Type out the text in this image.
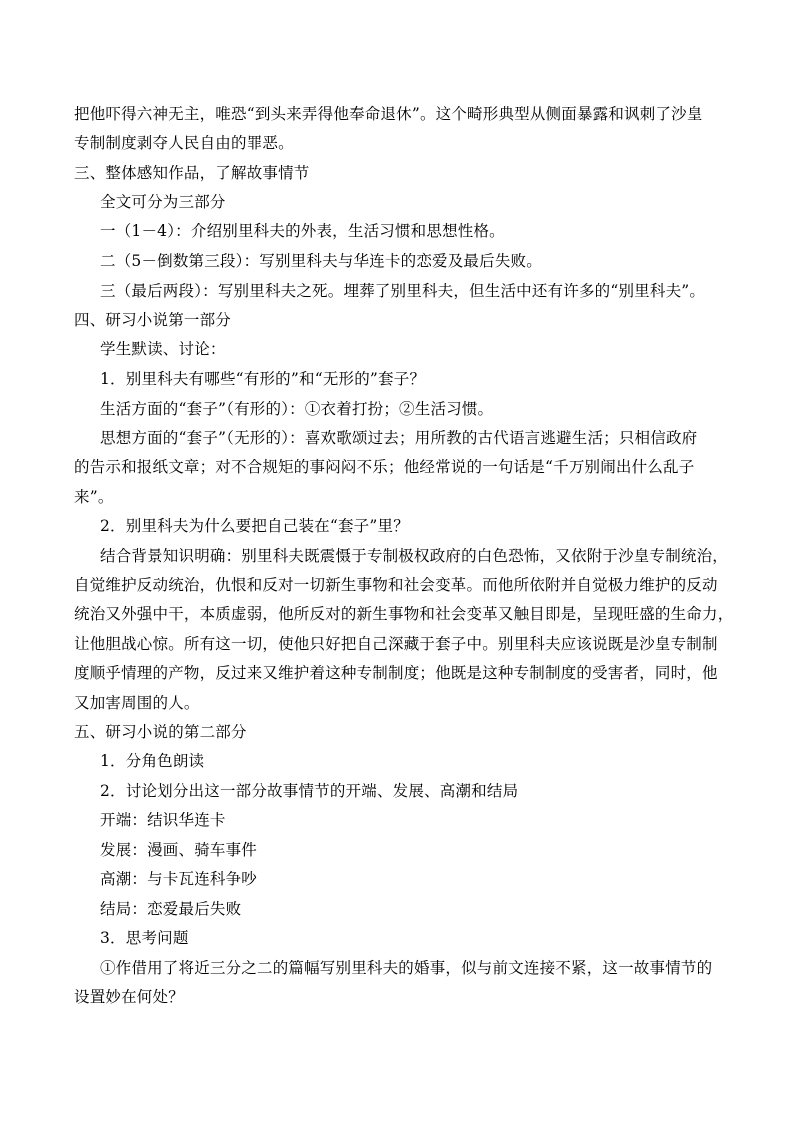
把他吓得六神无主，唯恐“到头来弄得他奉命退休”。这个畸形典型从侧面暴露和讽刺了沙皇
专制制度剥夺人民自由的罪恶。
三、整体感知作品，了解故事情节
全文可分为三部分
一（1－4）：介绍别里科夫的外表，生活习惯和思想性格。
二（5－倒数第三段）：写别里科夫与华连卡的恋爱及最后失败。
三（最后两段）：写别里科夫之死。埋葬了别里科夫，但生活中还有许多的“别里科夫”。
四、研习小说第一部分
学生默读、讨论：
1．别里科夫有哪些“有形的”和“无形的”套子？
生活方面的“套子”（有形的）：①衣着打扮；②生活习惯。
思想方面的“套子”（无形的）：喜欢歌颂过去；用所教的古代语言逃避生活；只相信政府
的告示和报纸文章；对不合规矩的事闷闷不乐；他经常说的一句话是“千万别闹出什么乱子
来”。
2．别里科夫为什么要把自己装在“套子”里？
结合背景知识明确：别里科夫既震慑于专制极权政府的白色恐怖，又依附于沙皇专制统治，
自觉维护反动统治，仇恨和反对一切新生事物和社会变革。而他所依附并自觉极力维护的反动
统治又外强中干，本质虚弱，他所反对的新生事物和社会变革又触目即是，呈现旺盛的生命力，
让他胆战心惊。所有这一切，使他只好把自己深藏于套子中。别里科夫应该说既是沙皇专制制
度顺乎情理的产物，反过来又维护着这种专制制度；他既是这种专制制度的受害者，同时，他
又加害周围的人。
五、研习小说的第二部分
1．分角色朗读
2．讨论划分出这一部分故事情节的开端、发展、高潮和结局
开端：结识华连卡
发展：漫画、骑车事件
高潮：与卡瓦连科争吵
结局：恋爱最后失败
3．思考问题
①作借用了将近三分之二的篇幅写别里科夫的婚事，似与前文连接不紧，这一故事情节的
设置妙在何处？
